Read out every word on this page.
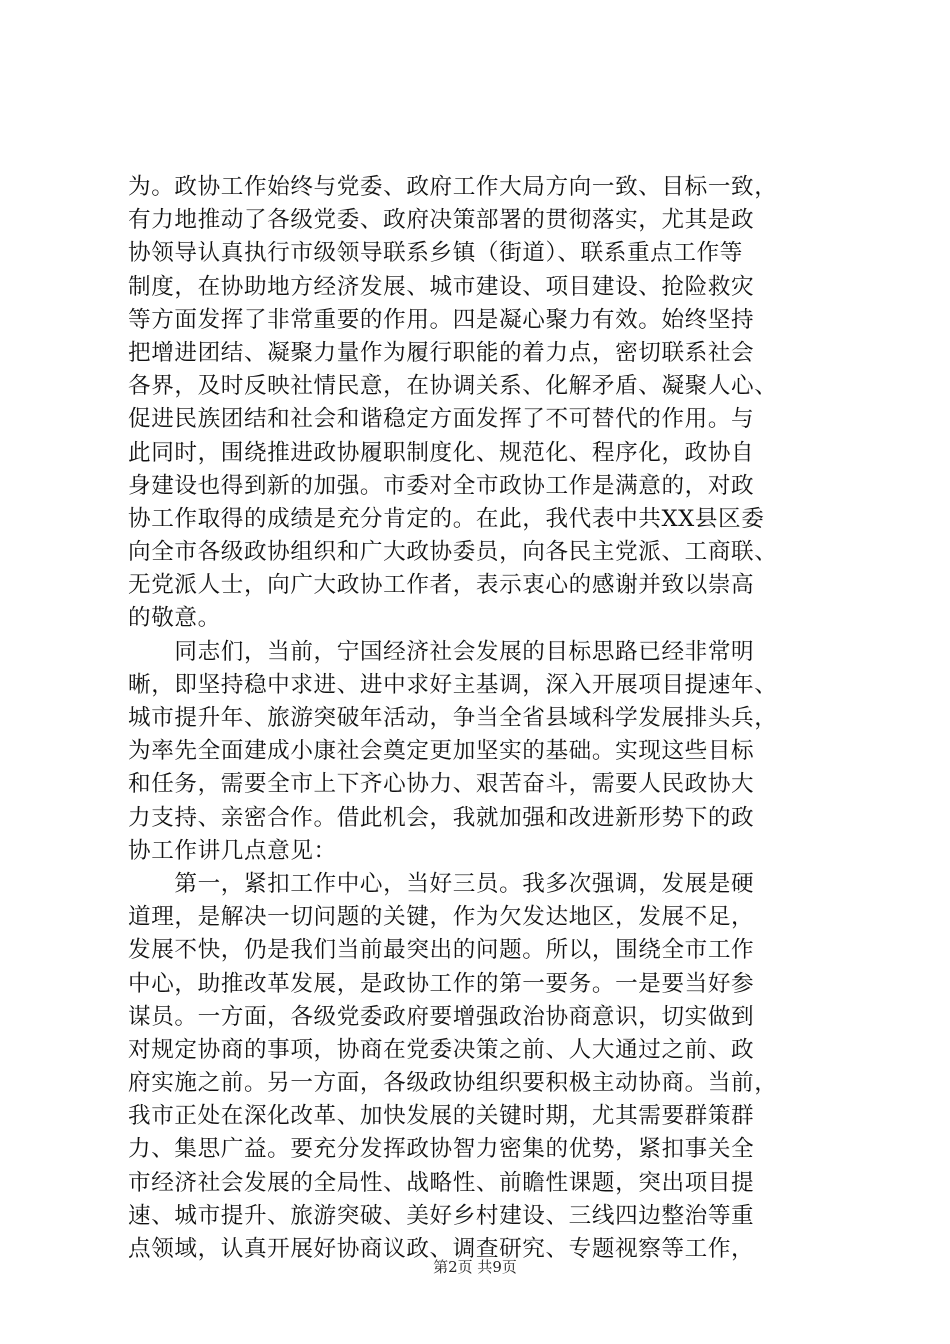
为。政协工作始终与党委、政府工作大局方向一致、目标一致，
有力地推动了各级党委、政府决策部署的贯彻落实，尤其是政
协领导认真执行市级领导联系乡镇（街道）、联系重点工作等
制度，在协助地方经济发展、城市建设、项目建设、抢险救灾
等方面发挥了非常重要的作用。四是凝心聚力有效。始终坚持
把增进团结、凝聚力量作为履行职能的着力点，密切联系社会
各界，及时反映社情民意，在协调关系、化解矛盾、凝聚人心、
促进民族团结和社会和谐稳定方面发挥了不可替代的作用。与
此同时，围绕推进政协履职制度化、规范化、程序化，政协自
身建设也得到新的加强。市委对全市政协工作是满意的，对政
协工作取得的成绩是充分肯定的。在此，我代表中共XX县区委
向全市各级政协组织和广大政协委员，向各民主党派、工商联、
无党派人士，向广大政协工作者，表示衷心的感谢并致以崇高
的敬意。
　　同志们，当前，宁国经济社会发展的目标思路已经非常明
晰，即坚持稳中求进、进中求好主基调，深入开展项目提速年、
城市提升年、旅游突破年活动，争当全省县域科学发展排头兵，
为率先全面建成小康社会奠定更加坚实的基础。实现这些目标
和任务，需要全市上下齐心协力、艰苦奋斗，需要人民政协大
力支持、亲密合作。借此机会，我就加强和改进新形势下的政
协工作讲几点意见：
　　第一，紧扣工作中心，当好三员。我多次强调，发展是硬
道理，是解决一切问题的关键，作为欠发达地区，发展不足，
发展不快，仍是我们当前最突出的问题。所以，围绕全市工作
中心，助推改革发展，是政协工作的第一要务。一是要当好参
谋员。一方面，各级党委政府要增强政治协商意识，切实做到
对规定协商的事项，协商在党委决策之前、人大通过之前、政
府实施之前。另一方面，各级政协组织要积极主动协商。当前，
我市正处在深化改革、加快发展的关键时期，尤其需要群策群
力、集思广益。要充分发挥政协智力密集的优势，紧扣事关全
市经济社会发展的全局性、战略性、前瞻性课题，突出项目提
速、城市提升、旅游突破、美好乡村建设、三线四边整治等重
点领域，认真开展好协商议政、调查研究、专题视察等工作，
第2页 共9页
